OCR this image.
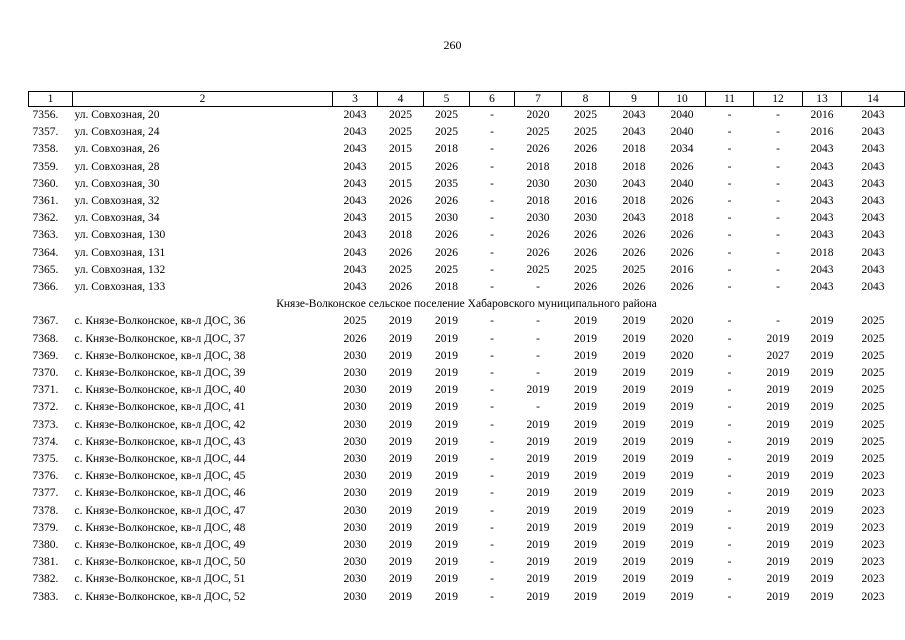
260
1	2	3	4	5	6	7	8	9	10	11	12	13	14
7356.	ул. Совхозная, 20	2043	2025	2025	-	2020	2025	2043	2040	-	-	2016	2043
7357.	ул. Совхозная, 24	2043	2025	2025	-	2025	2025	2043	2040	-	-	2016	2043
7358.	ул. Совхозная, 26	2043	2015	2018	-	2026	2026	2018	2034	-	-	2043	2043
7359.	ул. Совхозная, 28	2043	2015	2026	-	2018	2018	2018	2026	-	-	2043	2043
7360.	ул. Совхозная, 30	2043	2015	2035	-	2030	2030	2043	2040	-	-	2043	2043
7361.	ул. Совхозная, 32	2043	2026	2026	-	2018	2016	2018	2026	-	-	2043	2043
7362.	ул. Совхозная, 34	2043	2015	2030	-	2030	2030	2043	2018	-	-	2043	2043
7363.	ул. Совхозная, 130	2043	2018	2026	-	2026	2026	2026	2026	-	-	2043	2043
7364.	ул. Совхозная, 131	2043	2026	2026	-	2026	2026	2026	2026	-	-	2018	2043
7365.	ул. Совхозная, 132	2043	2025	2025	-	2025	2025	2025	2016	-	-	2043	2043
7366.	ул. Совхозная, 133	2043	2026	2018	-	-	2026	2026	2026	-	-	2043	2043
Князе-Волконское сельское поселение Хабаровского муниципального района													
7367.	с. Князе-Волконское, кв-л ДОС, 36	2025	2019	2019	-	-	2019	2019	2020	-	-	2019	2025
7368.	с. Князе-Волконское, кв-л ДОС, 37	2026	2019	2019	-	-	2019	2019	2020	-	2019	2019	2025
7369.	с. Князе-Волконское, кв-л ДОС, 38	2030	2019	2019	-	-	2019	2019	2020	-	2027	2019	2025
7370.	с. Князе-Волконское, кв-л ДОС, 39	2030	2019	2019	-	-	2019	2019	2019	-	2019	2019	2025
7371.	с. Князе-Волконское, кв-л ДОС, 40	2030	2019	2019	-	2019	2019	2019	2019	-	2019	2019	2025
7372.	с. Князе-Волконское, кв-л ДОС, 41	2030	2019	2019	-	-	2019	2019	2019	-	2019	2019	2025
7373.	с. Князе-Волконское, кв-л ДОС, 42	2030	2019	2019	-	2019	2019	2019	2019	-	2019	2019	2025
7374.	с. Князе-Волконское, кв-л ДОС, 43	2030	2019	2019	-	2019	2019	2019	2019	-	2019	2019	2025
7375.	с. Князе-Волконское, кв-л ДОС, 44	2030	2019	2019	-	2019	2019	2019	2019	-	2019	2019	2025
7376.	с. Князе-Волконское, кв-л ДОС, 45	2030	2019	2019	-	2019	2019	2019	2019	-	2019	2019	2023
7377.	с. Князе-Волконское, кв-л ДОС, 46	2030	2019	2019	-	2019	2019	2019	2019	-	2019	2019	2023
7378.	с. Князе-Волконское, кв-л ДОС, 47	2030	2019	2019	-	2019	2019	2019	2019	-	2019	2019	2023
7379.	с. Князе-Волконское, кв-л ДОС, 48	2030	2019	2019	-	2019	2019	2019	2019	-	2019	2019	2023
7380.	с. Князе-Волконское, кв-л ДОС, 49	2030	2019	2019	-	2019	2019	2019	2019	-	2019	2019	2023
7381.	с. Князе-Волконское, кв-л ДОС, 50	2030	2019	2019	-	2019	2019	2019	2019	-	2019	2019	2023
7382.	с. Князе-Волконское, кв-л ДОС, 51	2030	2019	2019	-	2019	2019	2019	2019	-	2019	2019	2023
7383.	с. Князе-Волконское, кв-л ДОС, 52	2030	2019	2019	-	2019	2019	2019	2019	-	2019	2019	2023
